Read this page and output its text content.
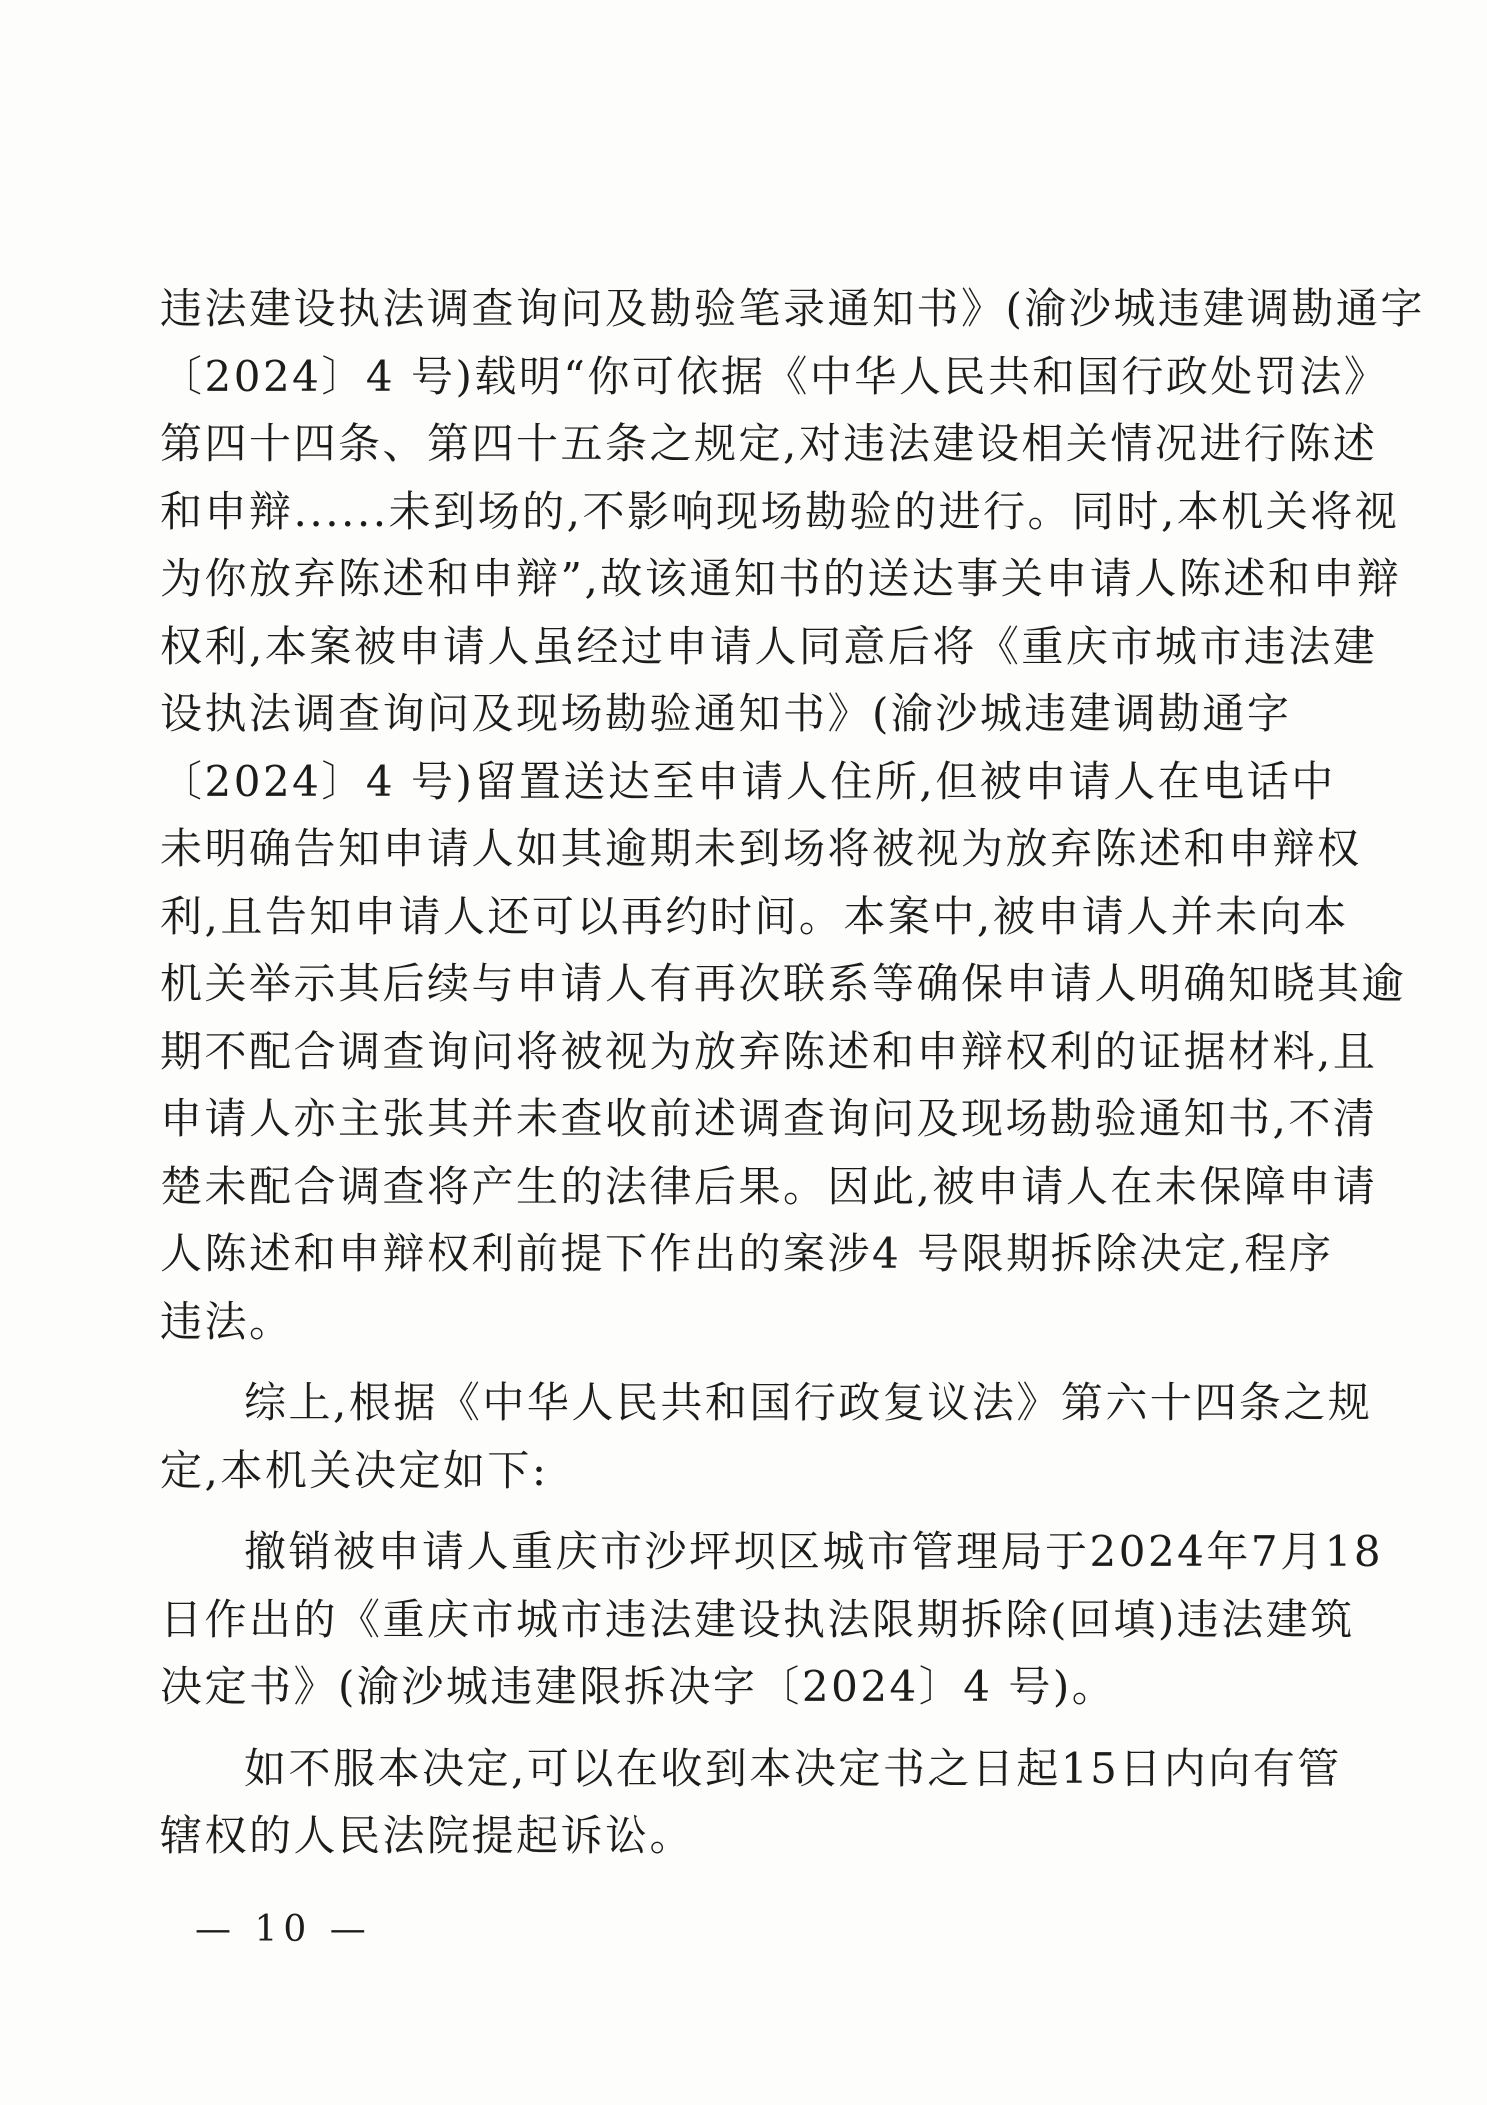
违法建设执法调查询问及勘验笔录通知书》(渝沙城违建调勘通字
〔2024〕4 号)载明“你可依据《中华人民共和国行政处罚法》
第四十四条、第四十五条之规定,对违法建设相关情况进行陈述
和申辩......未到场的,不影响现场勘验的进行。同时,本机关将视
为你放弃陈述和申辩”,故该通知书的送达事关申请人陈述和申辩
权利,本案被申请人虽经过申请人同意后将《重庆市城市违法建
设执法调查询问及现场勘验通知书》(渝沙城违建调勘通字
〔2024〕4 号)留置送达至申请人住所,但被申请人在电话中
未明确告知申请人如其逾期未到场将被视为放弃陈述和申辩权
利,且告知申请人还可以再约时间。本案中,被申请人并未向本
机关举示其后续与申请人有再次联系等确保申请人明确知晓其逾
期不配合调查询问将被视为放弃陈述和申辩权利的证据材料,且
申请人亦主张其并未查收前述调查询问及现场勘验通知书,不清
楚未配合调查将产生的法律后果。因此,被申请人在未保障申请
人陈述和申辩权利前提下作出的案涉4 号限期拆除决定,程序
违法。
综上,根据《中华人民共和国行政复议法》第六十四条之规
定,本机关决定如下:
撤销被申请人重庆市沙坪坝区城市管理局于2024年7月18
日作出的《重庆市城市违法建设执法限期拆除(回填)违法建筑
决定书》(渝沙城违建限拆决字〔2024〕4 号)。
如不服本决定,可以在收到本决定书之日起15日内向有管
辖权的人民法院提起诉讼。
— 10 —
